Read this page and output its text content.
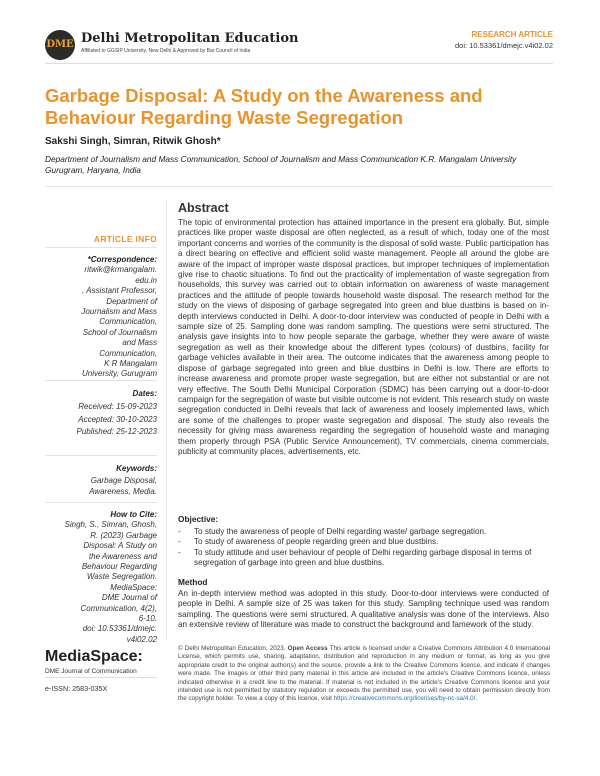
DME Delhi Metropolitan Education
Affiliated to GGSIP University, New Delhi & Approved by Bar Council of India
RESEARCH ARTICLE
doi: 10.53361/dmejc.v4i02.02
Garbage Disposal: A Study on the Awareness and Behaviour Regarding Waste Segregation
Sakshi Singh, Simran, Ritwik Ghosh*
Department of Journalism and Mass Communication, School of Journalism and Mass Communication K.R. Mangalam University Gurugram, Haryana, India
ARTICLE INFO
*Correspondence:
ritwik@krmangalam.
edu.in
, Assistant Professor,
Department of
Journalism and Mass
Communication,
School of Journalism
and Mass
Communication,
K R Mangalam
University, Gurugram
Dates:
Received: 15-09-2023
Accepted: 30-10-2023
Published: 25-12-2023
Keywords:
Garbage Disposal,
Awareness, Media.
How to Cite:
Singh, S., Simran, Ghosh,
R. (2023) Garbage
Disposal: A Study on
the Awareness and
Behaviour Regarding
Waste Segregation.
MediaSpace:
DME Journal of
Communication, 4(2),
6-10.
doi: 10.53361/dmejc.
v4i02.02
Abstract
The topic of environmental protection has attained importance in the present era globally. But, simple practices like proper waste disposal are often neglected, as a result of which, today one of the most important concerns and worries of the community is the disposal of solid waste. Public participation has a direct bearing on effective and efficient solid waste management. People all around the globe are aware of the impact of improper waste disposal practices, but improper techniques of implementation give rise to chaotic situations. To find out the practicality of implementation of waste segregation from households, this survey was carried out to obtain information on awareness of waste management practices and the attitude of people towards household waste disposal. The research method for the study on the views of disposing of garbage segregated into green and blue dustbins is based on in-depth interviews conducted in Delhi. A door-to-door interview was conducted of people in Delhi with a sample size of 25. Sampling done was random sampling. The questions were semi structured. The analysis gave insights into to how people separate the garbage, whether they were aware of waste segregation as well as their knowledge about the different types (colours) of dustbins, facility for garbage vehicles available in their area. The outcome indicates that the awareness among people to dispose of garbage segregated into green and blue dustbins in Delhi is low. There are efforts to increase awareness and promote proper waste segregation, but are either not substantial or are not very effective. The South Delhi Municipal Corporation (SDMC) has been carrying out a door-to-door campaign for the segregation of waste but visible outcome is not evident. This research study on waste segregation conducted in Delhi reveals that lack of awareness and loosely implemented laws, which are some of the challenges to proper waste segregation and disposal. The study also reveals the necessity for giving mass awareness regarding the segregation of household waste and managing them properly through PSA (Public Service Announcement), TV commercials, cinema commercials, publicity at community places, advertisements, etc.
Objective:
- To study the awareness of people of Delhi regarding waste/ garbage segregation.
- To study of awareness of people regarding green and blue dustbins.
- To study attitude and user behaviour of people of Delhi regarding garbage disposal in terms of segregation of garbage into green and blue dustbins.
Method
An in-depth interview method was adopted in this study. Door-to-door interviews were conducted of people in Delhi. A sample size of 25 was taken for this study. Sampling technique used was random sampling. The questions were semi structured. A qualitative analysis was done of the interviews. Also an extensive review of literature was made to construct the background and famework of the study.
MediaSpace:
DME Journal of Communication
e-ISSN: 2583-035X
© Delhi Metropolitan Education, 2023. Open Access This article is licensed under a Creative Commons Attribution 4.0 International License, which permits use, sharing, adaptation, distribution and reproduction in any medium or format, as long as you give appropriate credit to the original author(s) and the source, provide a link to the Creative Commons licence, and indicate if changes were made. The images or other third party material in this article are included in the article's Creative Commons licence, unless indicated otherwise in a credit line to the material. If material is not included in the article's Creative Commons licence and your intended use is not permitted by statutory regulation or exceeds the permitted use, you will need to obtain permission directly from the copyright holder. To view a copy of this licence, visit https://creativecommons.org/licenses/by-nc-sa/4.0/.
